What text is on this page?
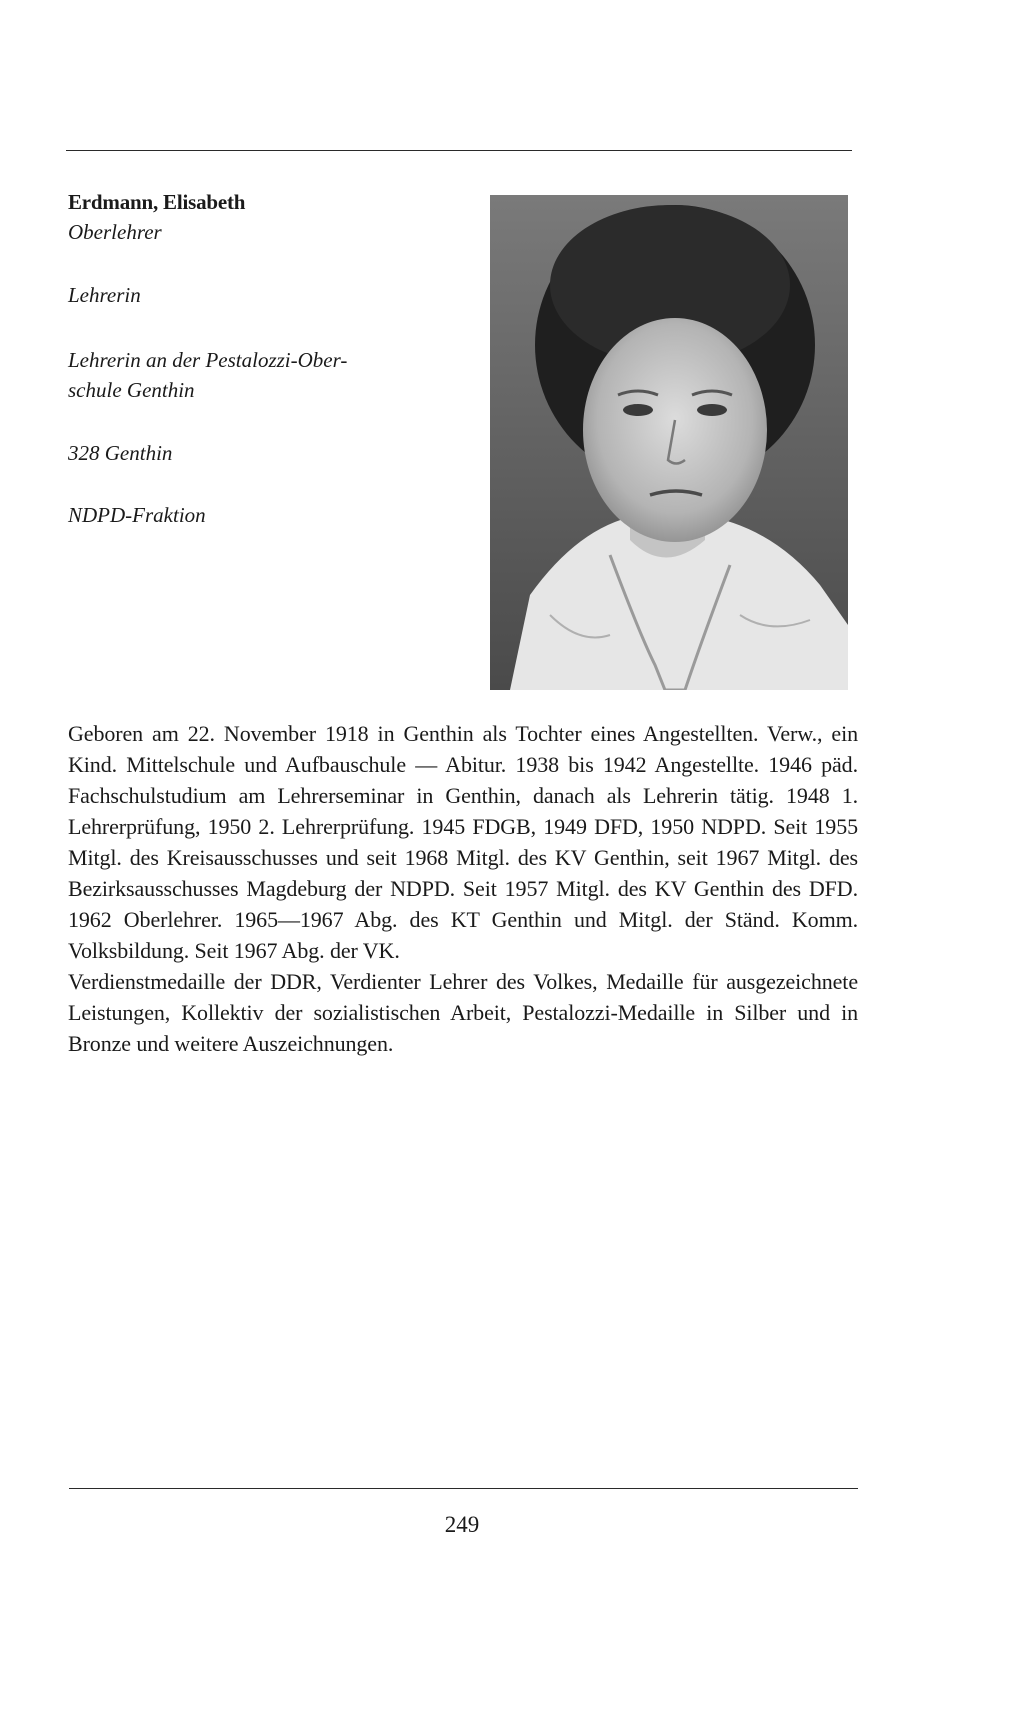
Erdmann, Elisabeth
Oberlehrer
Lehrerin
Lehrerin an der Pestalozzi-Ober-
schule Genthin
328 Genthin
NDPD-Fraktion

Geboren am 22. November 1918 in Genthin als Tochter eines Angestellten. Verw., ein Kind. Mittelschule und Aufbauschule — Abitur. 1938 bis 1942 Angestellte. 1946 päd. Fachschulstudium am Lehrerseminar in Genthin, danach als Lehrerin tätig. 1948 1. Lehrerprüfung, 1950 2. Lehrerprüfung. 1945 FDGB, 1949 DFD, 1950 NDPD. Seit 1955 Mitgl. des Kreisausschusses und seit 1968 Mitgl. des KV Genthin, seit 1967 Mitgl. des Bezirksausschusses Magdeburg der NDPD. Seit 1957 Mitgl. des KV Genthin des DFD. 1962 Oberlehrer. 1965—1967 Abg. des KT Genthin und Mitgl. der Ständ. Komm. Volksbildung. Seit 1967 Abg. der VK.

Verdienstmedaille der DDR, Verdienter Lehrer des Volkes, Medaille für ausgezeichnete Leistungen, Kollektiv der sozialistischen Arbeit, Pestalozzi-Medaille in Silber und in Bronze und weitere Auszeichnungen.

249
